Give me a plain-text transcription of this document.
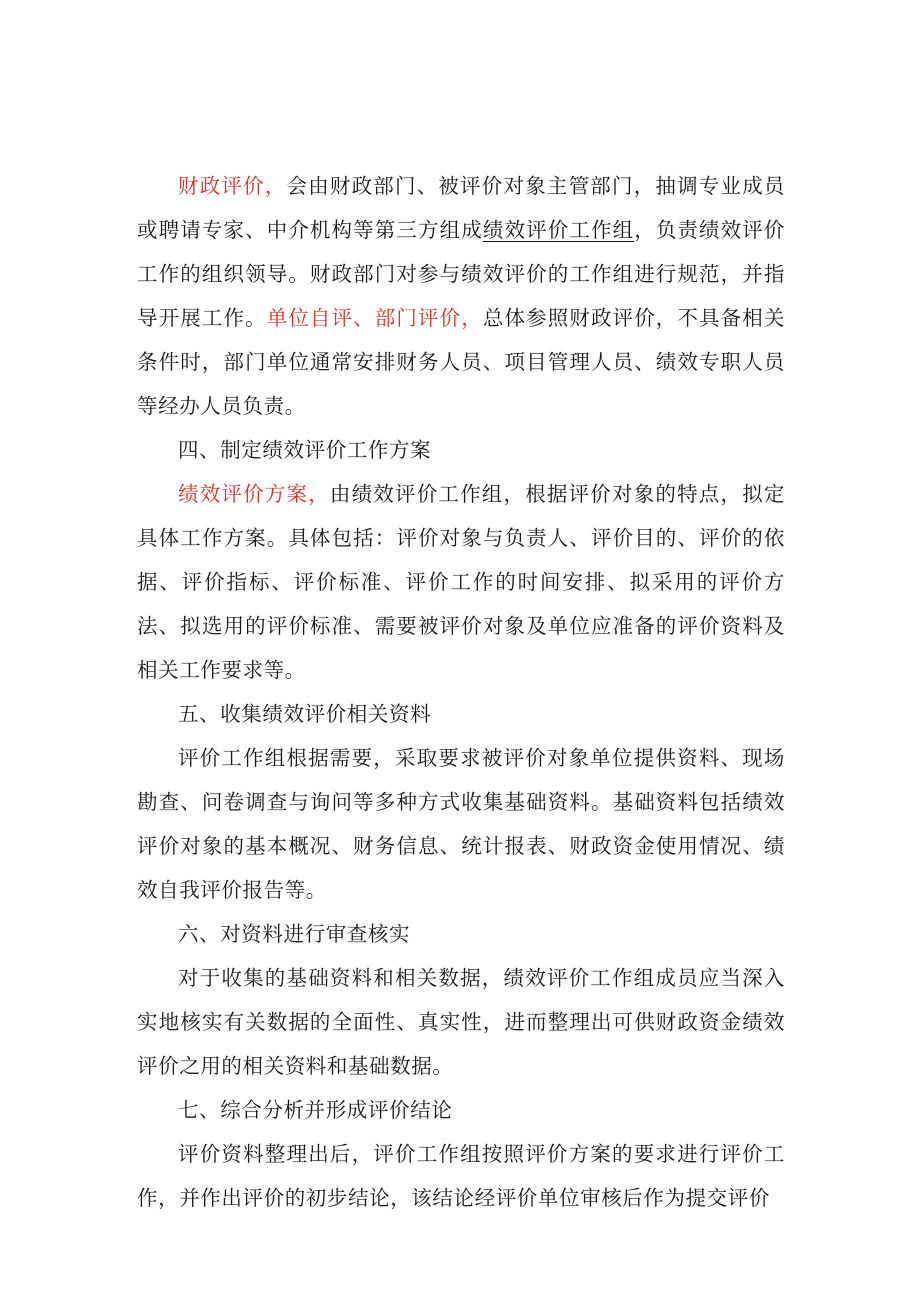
财政评价，会由财政部门、被评价对象主管部门，抽调专业成员或聘请专家、中介机构等第三方组成绩效评价工作组，负责绩效评价工作的组织领导。财政部门对参与绩效评价的工作组进行规范，并指导开展工作。单位自评、部门评价，总体参照财政评价，不具备相关条件时，部门单位通常安排财务人员、项目管理人员、绩效专职人员等经办人员负责。

四、制定绩效评价工作方案

绩效评价方案，由绩效评价工作组，根据评价对象的特点，拟定具体工作方案。具体包括：评价对象与负责人、评价目的、评价的依据、评价指标、评价标准、评价工作的时间安排、拟采用的评价方法、拟选用的评价标准、需要被评价对象及单位应准备的评价资料及相关工作要求等。

五、收集绩效评价相关资料

评价工作组根据需要，采取要求被评价对象单位提供资料、现场勘查、问卷调查与询问等多种方式收集基础资料。基础资料包括绩效评价对象的基本概况、财务信息、统计报表、财政资金使用情况、绩效自我评价报告等。

六、对资料进行审查核实

对于收集的基础资料和相关数据，绩效评价工作组成员应当深入实地核实有关数据的全面性、真实性，进而整理出可供财政资金绩效评价之用的相关资料和基础数据。

七、综合分析并形成评价结论

评价资料整理出后，评价工作组按照评价方案的要求进行评价工作，并作出评价的初步结论，该结论经评价单位审核后作为提交评价
